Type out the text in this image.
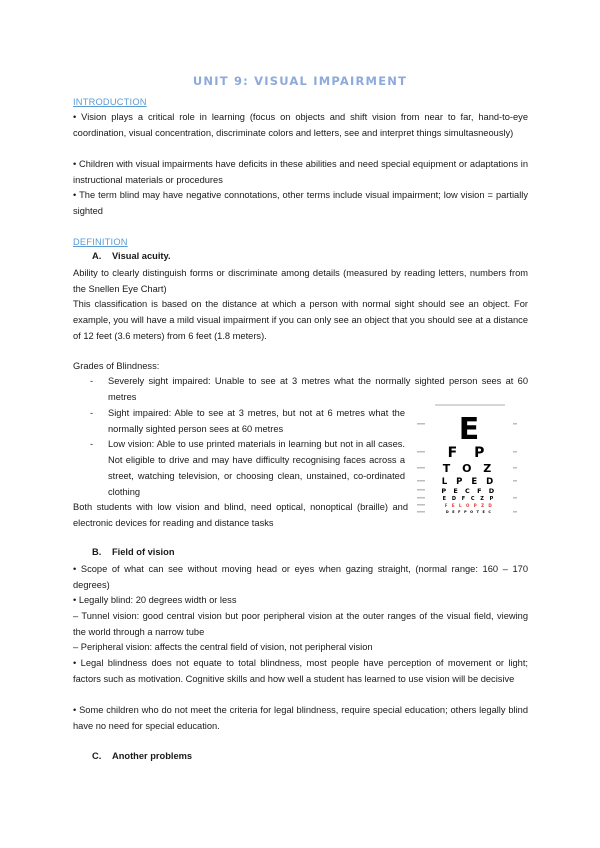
UNIT 9: VISUAL IMPAIRMENT
INTRODUCTION

• Vision plays a critical role in learning (focus on objects and shift vision from near to far, hand-to-eye coordination, visual concentration, discriminate colors and letters, see and interpret things simultasneously)

• Children with visual impairments have deficits in these abilities and need special equipment or adaptations in instructional materials or procedures

• The term blind may have negative connotations, other terms include visual impairment; low vision = partially sighted

DEFINITION
A. Visual acuity.

Ability to clearly distinguish forms or discriminate among details (measured by reading letters, numbers from the Snellen Eye Chart)

This classification is based on the distance at which a person with normal sight should see an object. For example, you will have a mild visual impairment if you can only see an object that you should see at a distance of 12 feet (3.6 meters) from 6 feet (1.8 meters).

Grades of Blindness:

- Severely sight impaired: Unable to see at 3 metres what the normally sighted person sees at 60 metres
- Sight impaired: Able to see at 3 metres, but not at 6 metres what the normally sighted person sees at 60 metres
- Low vision: Able to use printed materials in learning but not in all cases. Not eligible to drive and may have difficulty recognising faces across a street, watching television, or choosing clean, unstained, co-ordinated clothing

Both students with low vision and blind, need optical, nonoptical (braille) and electronic devices for reading and distance tasks

E
F P
T O Z
L P E D
P E C F D
E D F C Z P
F E L O P Z D
D E F P O T E C
B. Field of vision

• Scope of what can see without moving head or eyes when gazing straight, (normal range: 160 – 170 degrees)

• Legally blind: 20 degrees width or less

– Tunnel vision: good central vision but poor peripheral vision at the outer ranges of the visual field, viewing the world through a narrow tube

– Peripheral vision: affects the central field of vision, not peripheral vision

• Legal blindness does not equate to total blindness, most people have perception of movement or light; factors such as motivation. Cognitive skills and how well a student has learned to use vision will be decisive

• Some children who do not meet the criteria for legal blindness, require special education; others legally blind have no need for special education.

C. Another problems
